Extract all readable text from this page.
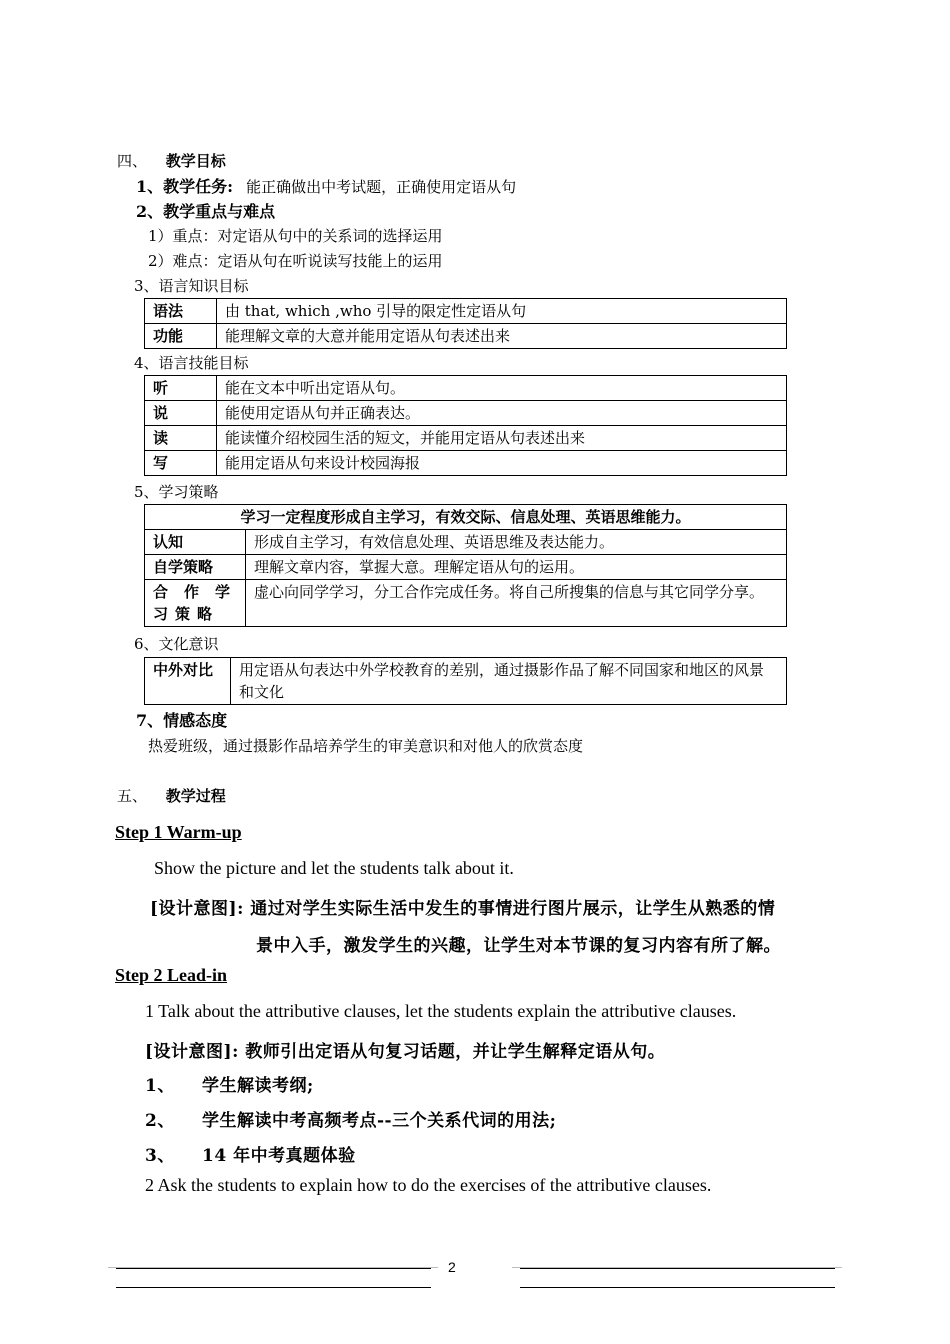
四、 教学目标
1、教学任务: 能正确做出中考试题，正确使用定语从句
2、教学重点与难点
1）重点：对定语从句中的关系词的选择运用
2）难点：定语从句在听说读写技能上的运用
3、语言知识目标
语法	由 that, which ,who 引导的限定性定语从句
功能	能理解文章的大意并能用定语从句表述出来
4、语言技能目标
听	能在文本中听出定语从句。
说	能使用定语从句并正确表达。
读	能读懂介绍校园生活的短文，并能用定语从句表述出来
写	能用定语从句来设计校园海报
5、学习策略
学习一定程度形成自主学习，有效交际、信息处理、英语思维能力。	
认知	形成自主学习，有效信息处理、英语思维及表达能力。
自学策略	理解文章内容，掌握大意。理解定语从句的运用。
合作学习策略	虚心向同学学习，分工合作完成任务。将自己所搜集的信息与其它同学分享。
6、文化意识
中外对比	用定语从句表达中外学校教育的差别，通过摄影作品了解不同国家和地区的风景和文化
7、情感态度
热爱班级，通过摄影作品培养学生的审美意识和对他人的欣赏态度
五、 教学过程
Step 1 Warm-up
Show the picture and let the students talk about it.
[设计意图]: 通过对学生实际生活中发生的事情进行图片展示，让学生从熟悉的情
景中入手，激发学生的兴趣，让学生对本节课的复习内容有所了解。
Step 2 Lead-in
1 Talk about the attributive clauses, let the students explain the attributive clauses.
[设计意图]: 教师引出定语从句复习话题，并让学生解释定语从句。
1、 学生解读考纲;
2、 学生解读中考高频考点--三个关系代词的用法;
3、 14 年中考真题体验
2 Ask the students to explain how to do the exercises of the attributive clauses.
2
